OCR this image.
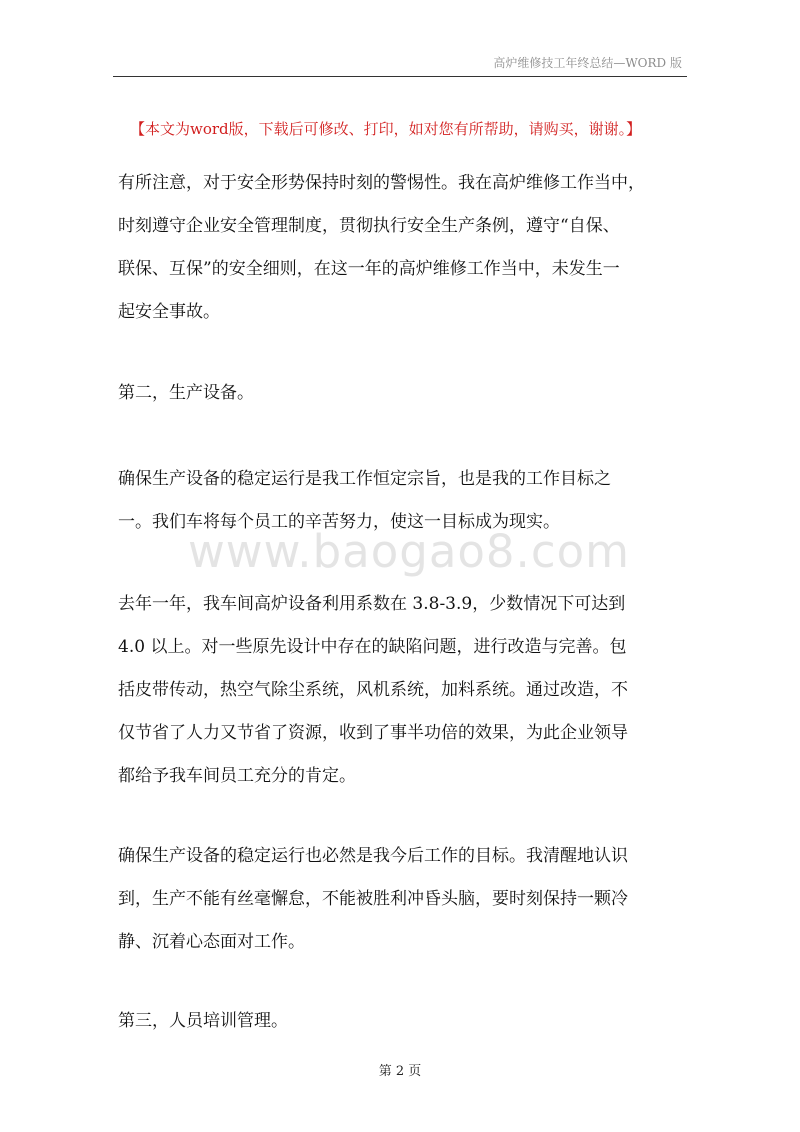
高炉维修技工年终总结—WORD 版
【本文为word版，下载后可修改、打印，如对您有所帮助，请购买，谢谢。】
www.baogao8.com
有所注意，对于安全形势保持时刻的警惕性。我在高炉维修工作当中，
时刻遵守企业安全管理制度，贯彻执行安全生产条例，遵守“自保、
联保、互保”的安全细则，在这一年的高炉维修工作当中，未发生一
起安全事故。
第二，生产设备。
确保生产设备的稳定运行是我工作恒定宗旨，也是我的工作目标之
一。我们车将每个员工的辛苦努力，使这一目标成为现实。
去年一年，我车间高炉设备利用系数在 3.8-3.9，少数情况下可达到
4.0 以上。对一些原先设计中存在的缺陷问题，进行改造与完善。包
括皮带传动，热空气除尘系统，风机系统，加料系统。通过改造，不
仅节省了人力又节省了资源，收到了事半功倍的效果，为此企业领导
都给予我车间员工充分的肯定。
确保生产设备的稳定运行也必然是我今后工作的目标。我清醒地认识
到，生产不能有丝毫懈怠，不能被胜利冲昏头脑，要时刻保持一颗冷
静、沉着心态面对工作。
第三，人员培训管理。
第 2 页
